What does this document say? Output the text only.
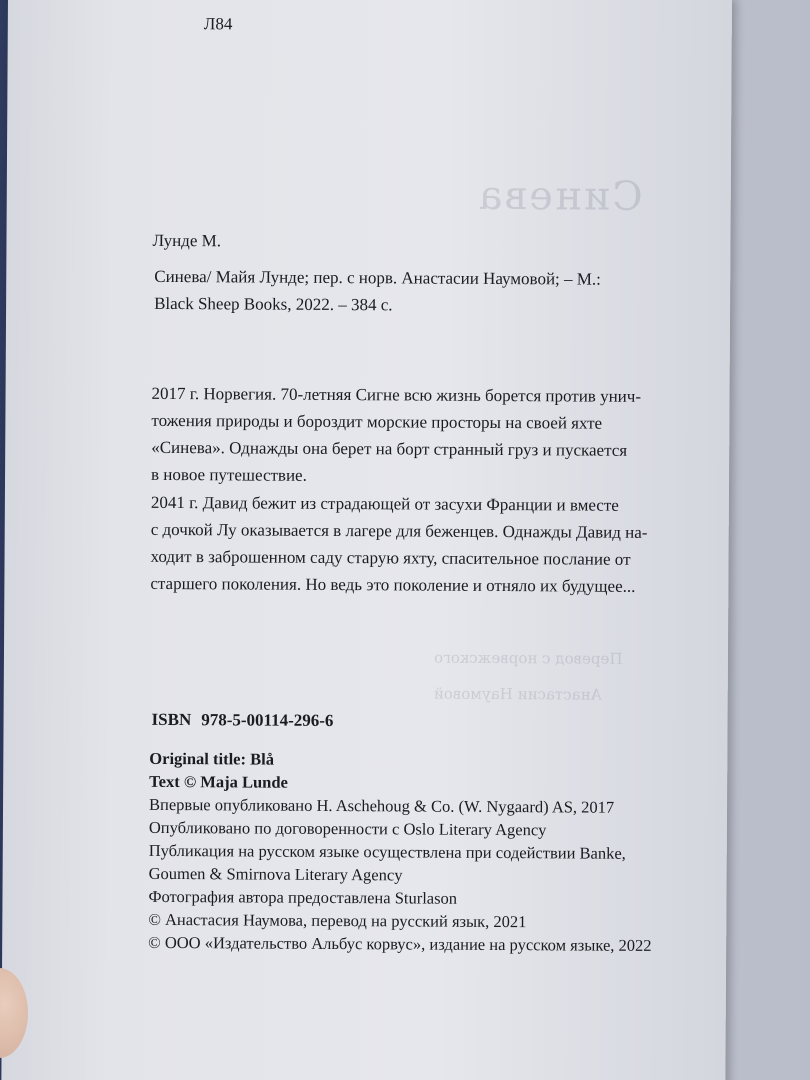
Синева
Перевод с норвежского
Анастасии Наумовой
Л84
Лунде М.
Синева/ Майя Лунде; пер. с норв. Анастасии Наумовой; – М.:
Black Sheep Books, 2022. – 384 с.
2017 г. Норвегия. 70-летняя Сигне всю жизнь борется против унич-
тожения природы и бороздит морские просторы на своей яхте
«Синева». Однажды она берет на борт странный груз и пускается
в новое путешествие.
2041 г. Давид бежит из страдающей от засухи Франции и вместе
с дочкой Лу оказывается в лагере для беженцев. Однажды Давид на-
ходит в заброшенном саду старую яхту, спасительное послание от
старшего поколения. Но ведь это поколение и отняло их будущее...
ISBN 978-5-00114-296-6
Original title: Blå
Text © Maja Lunde
Впервые опубликовано H. Aschehoug & Co. (W. Nygaard) AS, 2017
Опубликовано по договоренности с Oslo Literary Agency
Публикация на русском языке осуществлена при содействии Banke,
Goumen & Smirnova Literary Agency
Фотография автора предоставлена Sturlason
© Анастасия Наумова, перевод на русский язык, 2021
© ООО «Издательство Альбус корвус», издание на русском языке, 2022
